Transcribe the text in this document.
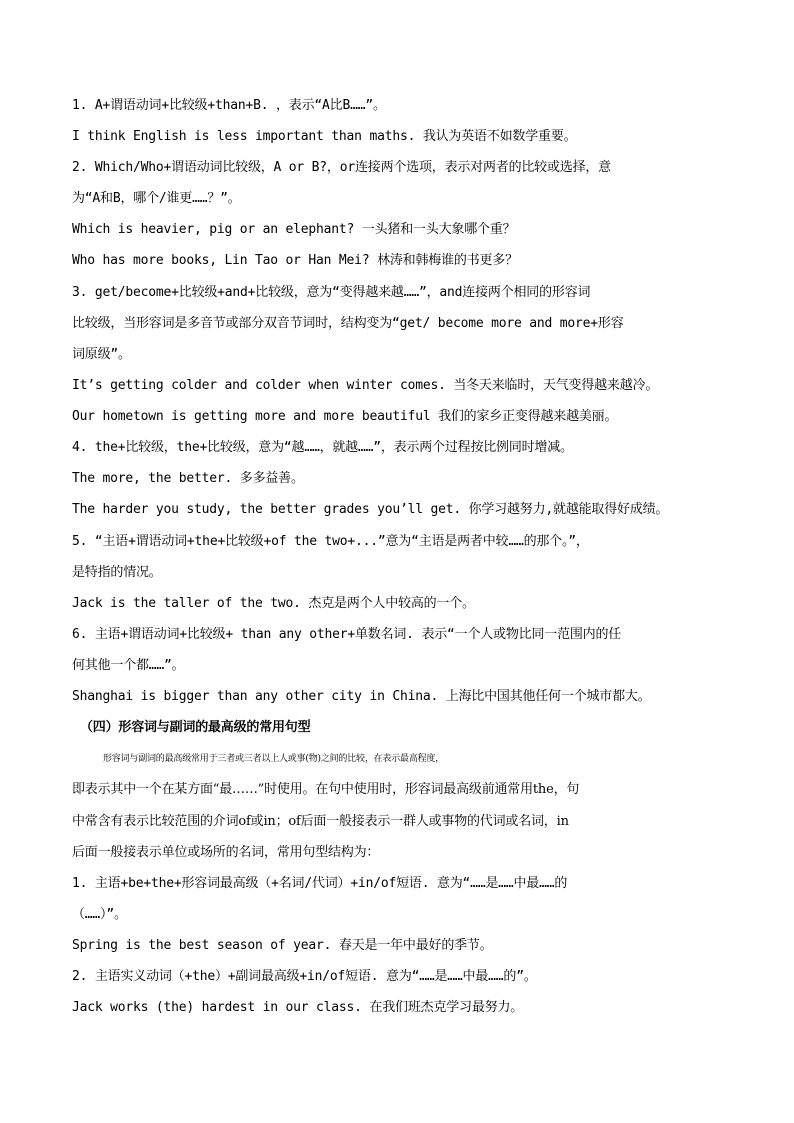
1. A+谓语动词+比较级+than+B. ，表示“A比B……”。
I think English is less important than maths. 我认为英语不如数学重要。
2. Which/Who+谓语动词比较级，A or B?，or连接两个选项，表示对两者的比较或选择，意
为“A和B，哪个/谁更……？”。
Which is heavier, pig or an elephant? 一头猪和一头大象哪个重？
Who has more books, Lin Tao or Han Mei? 林涛和韩梅谁的书更多？
3. get/become+比较级+and+比较级，意为“变得越来越……”，and连接两个相同的形容词
比较级，当形容词是多音节或部分双音节词时，结构变为“get/ become more and more+形容
词原级”。
It’s getting colder and colder when winter comes. 当冬天来临时，天气变得越来越冷。
Our hometown is getting more and more beautiful 我们的家乡正变得越来越美丽。
4. the+比较级，the+比较级，意为“越……，就越……”，表示两个过程按比例同时增减。
The more, the better. 多多益善。
The harder you study, the better grades you’ll get. 你学习越努力,就越能取得好成绩。
5. “主语+谓语动词+the+比较级+of the two+...”意为“主语是两者中较……的那个。”，
是特指的情况。
Jack is the taller of the two. 杰克是两个人中较高的一个。
6. 主语+谓语动词+比较级+ than any other+单数名词. 表示“一个人或物比同一范围内的任
何其他一个都……”。
Shanghai is bigger than any other city in China. 上海比中国其他任何一个城市都大。
（四）形容词与副词的最高级的常用句型
形容词与副词的最高级常用于三者或三者以上人或事(物)之间的比较，在表示最高程度，
即表示其中一个在某方面“最……”时使用。在句中使用时，形容词最高级前通常用the，句
中常含有表示比较范围的介词of或in；of后面一般接表示一群人或事物的代词或名词，in
后面一般接表示单位或场所的名词，常用句型结构为：
1. 主语+be+the+形容词最高级（+名词/代词）+in/of短语. 意为“……是……中最……的
（……）”。
Spring is the best season of year. 春天是一年中最好的季节。
2. 主语实义动词（+the）+副词最高级+in/of短语. 意为“……是……中最……的”。
Jack works (the) hardest in our class. 在我们班杰克学习最努力。
